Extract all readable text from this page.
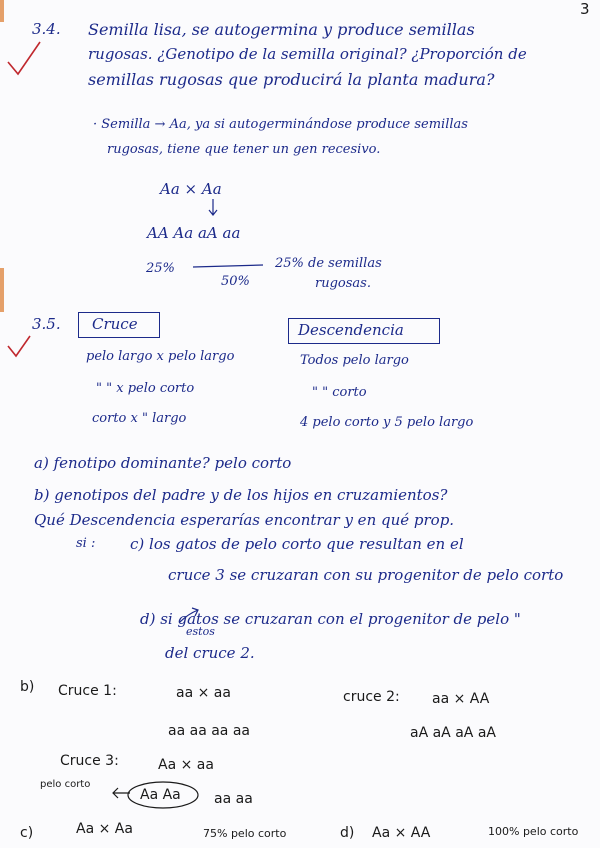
3
3.4. Semilla lisa, se autogermina y produce semillas
rugosas. ¿Genotipo de la semilla original? ¿Proporción de
semillas rugosas que producirá la planta madura?
· Semilla → Aa, ya si autogerminándose produce semillas
rugosas, tiene que tener un gen recesivo.
Aa × Aa
AA Aa aA aa
25%
50%
25% de semillas
rugosas.
3.5. Cruce	Descendencia
pelo largo x pelo largo	Todos pelo largo
" " x pelo corto	" " corto
corto x " largo	4 pelo corto y 5 pelo largo
a) fenotipo dominante? pelo corto
b) genotipos del padre y de los hijos en cruzamientos?
Qué Descendencia esperarías encontrar y en qué prop.
si : c) los gatos de pelo corto que resultan en el
cruce 3 se cruzaran con su progenitor de pelo corto
d) si gatos se cruzaran con el progenitor de pelo "
estos
del cruce 2.
b) Cruce 1:	aa × aa
aa aa aa aa
cruce 2: aa × AA
aA aA aA aA
Cruce 3:	Aa × aa
pelo corto
Aa Aa aa aa
c)	Aa × Aa	75% pelo corto	d) Aa × AA	100% pelo corto
